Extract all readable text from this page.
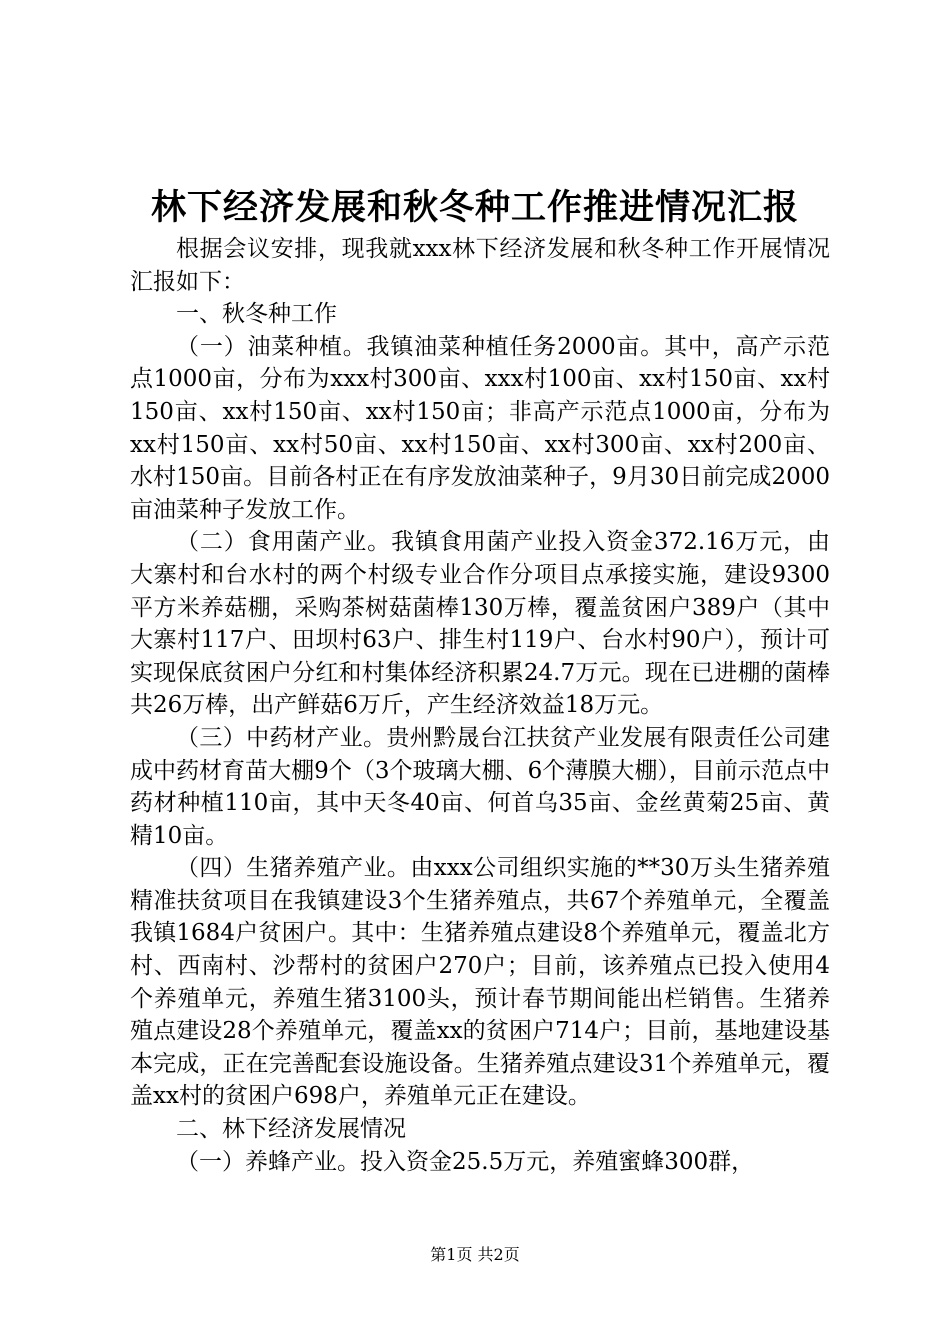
林下经济发展和秋冬种工作推进情况汇报

根据会议安排，现我就xxx林下经济发展和秋冬种工作开展情况汇报如下：

一、秋冬种工作

（一）油菜种植。我镇油菜种植任务2000亩。其中，高产示范点1000亩，分布为xxx村300亩、xxx村100亩、xx村150亩、xx村150亩、xx村150亩、xx村150亩；非高产示范点1000亩，分布为xx村150亩、xx村50亩、xx村150亩、xx村300亩、xx村200亩、水村150亩。目前各村正在有序发放油菜种子，9月30日前完成2000亩油菜种子发放工作。

（二）食用菌产业。我镇食用菌产业投入资金372.16万元，由大寨村和台水村的两个村级专业合作分项目点承接实施，建设9300平方米养菇棚，采购茶树菇菌棒130万棒，覆盖贫困户389户（其中大寨村117户、田坝村63户、排生村119户、台水村90户），预计可实现保底贫困户分红和村集体经济积累24.7万元。现在已进棚的菌棒共26万棒，出产鲜菇6万斤，产生经济效益18万元。

（三）中药材产业。贵州黔晟台江扶贫产业发展有限责任公司建成中药材育苗大棚9个（3个玻璃大棚、6个薄膜大棚），目前示范点中药材种植110亩，其中天冬40亩、何首乌35亩、金丝黄菊25亩、黄精10亩。

（四）生猪养殖产业。由xxx公司组织实施的**30万头生猪养殖精准扶贫项目在我镇建设3个生猪养殖点，共67个养殖单元，全覆盖我镇1684户贫困户。其中：生猪养殖点建设8个养殖单元，覆盖北方村、西南村、沙帮村的贫困户270户；目前，该养殖点已投入使用4个养殖单元，养殖生猪3100头，预计春节期间能出栏销售。生猪养殖点建设28个养殖单元，覆盖xx的贫困户714户；目前，基地建设基本完成，正在完善配套设施设备。生猪养殖点建设31个养殖单元，覆盖xx村的贫困户698户，养殖单元正在建设。

二、林下经济发展情况

（一）养蜂产业。投入资金25.5万元，养殖蜜蜂300群，

第1页 共2页
